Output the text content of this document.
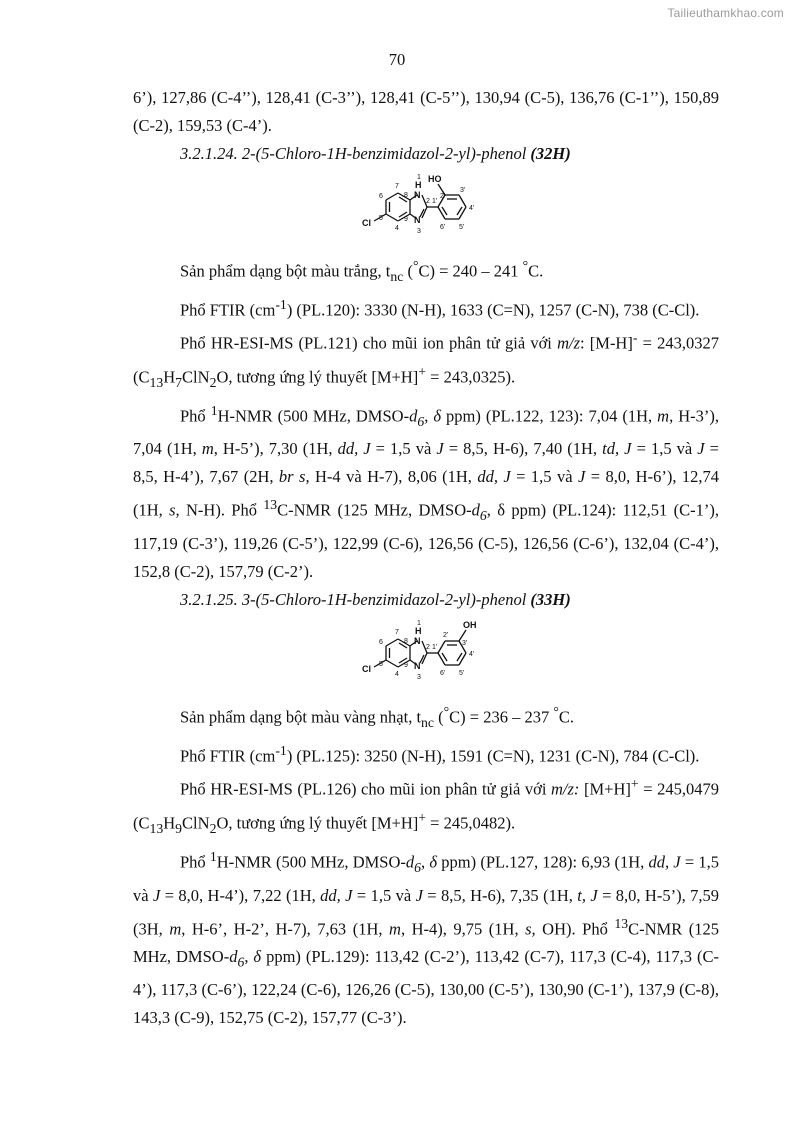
Tailieuthamkhao.com
70

6’), 127,86 (C-4’’), 128,41 (C-3’’), 128,41 (C-5’’), 130,94 (C-5), 136,76 (C-1’’), 150,89 (C-2), 159,53 (C-4’).

3.2.1.24. 2-(5-Chloro-1H-benzimidazol-2-yl)-phenol (32H)

1
H
N
N
3
2
8
9
7
6
5
4
Cl
HO
2’
3’
4’
5’
6’
1’

Sản phẩm dạng bột màu trắng, $t_{nc}$ (°C) = 240 – 241 °C.

Phổ FTIR $(cm^{-1})$ (PL.120): 3330 (N-H), 1633 (C=N), 1257 (C-N), 738 (C-Cl).

Phổ HR-ESI-MS (PL.121) cho mũi ion phân tử giả với m/z: [M-H]- = 243,0327 ($C_{13}H_7ClN_2O$, tương ứng lý thuyết [M+H]+ = 243,0325).

Phổ $^1$H-NMR (500 MHz, DMSO-$d_6$, δ ppm) (PL.122, 123): 7,04 (1H, m, H-3’), 7,04 (1H, m, H-5’), 7,30 (1H, dd, J = 1,5 và J = 8,5, H-6), 7,40 (1H, td, J = 1,5 và J = 8,5, H-4’), 7,67 (2H, br s, H-4 và H-7), 8,06 (1H, dd, J = 1,5 và J = 8,0, H-6’), 12,74 (1H, s, N-H). Phổ $^{13}$C-NMR (125 MHz, DMSO-$d_6$, δ ppm) (PL.124): 112,51 (C-1’), 117,19 (C-3’), 119,26 (C-5’), 122,99 (C-6), 126,56 (C-5), 126,56 (C-6’), 132,04 (C-4’), 152,8 (C-2), 157,79 (C-2’).

3.2.1.25. 3-(5-Chloro-1H-benzimidazol-2-yl)-phenol (33H)

1
H
N
N
3
2
8
9
7
6
5
4
Cl
OH
2’
3’
4’
5’
6’
1’

Sản phẩm dạng bột màu vàng nhạt, $t_{nc}$ (°C) = 236 – 237 °C.

Phổ FTIR $(cm^{-1})$ (PL.125): 3250 (N-H), 1591 (C=N), 1231 (C-N), 784 (C-Cl).

Phổ HR-ESI-MS (PL.126) cho mũi ion phân tử giả với m/z: [M+H]+ = 245,0479 ($C_{13}H_9ClN_2O$, tương ứng lý thuyết [M+H]+ = 245,0482).

Phổ $^1$H-NMR (500 MHz, DMSO-$d_6$, δ ppm) (PL.127, 128): 6,93 (1H, dd, J = 1,5 và J = 8,0, H-4’), 7,22 (1H, dd, J = 1,5 và J = 8,5, H-6), 7,35 (1H, t, J = 8,0, H-5’), 7,59 (3H, m, H-6’, H-2’, H-7), 7,63 (1H, m, H-4), 9,75 (1H, s, OH). Phổ $^{13}$C-NMR (125 MHz, DMSO-$d_6$, δ ppm) (PL.129): 113,42 (C-2’), 113,42 (C-7), 117,3 (C-4), 117,3 (C-4’), 117,3 (C-6’), 122,24 (C-6), 126,26 (C-5), 130,00 (C-5’), 130,90 (C-1’), 137,9 (C-8), 143,3 (C-9), 152,75 (C-2), 157,77 (C-3’).
